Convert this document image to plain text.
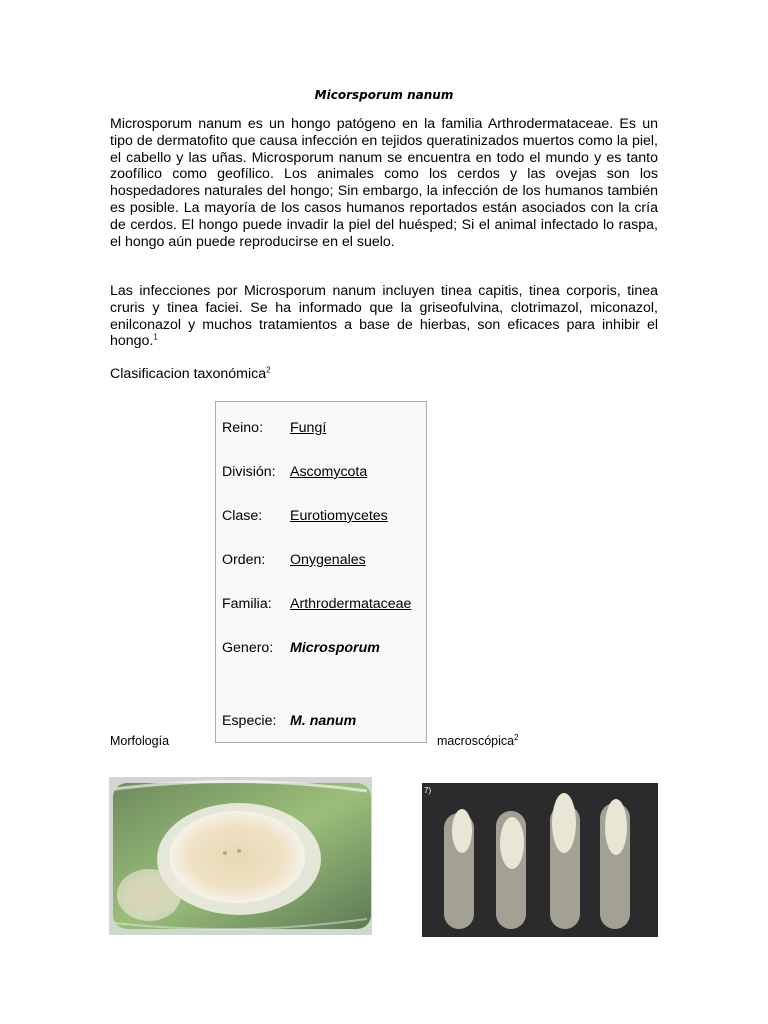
Micorsporum nanum

Microsporum nanum es un hongo patógeno en la familia Arthrodermataceae. Es un tipo de dermatofito que causa infección en tejidos queratinizados muertos como la piel, el cabello y las uñas. Microsporum nanum se encuentra en todo el mundo y es tanto zoofílico como geofílico. Los animales como los cerdos y las ovejas son los hospedadores naturales del hongo; Sin embargo, la infección de los humanos también es posible. La mayoría de los casos humanos reportados están asociados con la cría de cerdos. El hongo puede invadir la piel del huésped; Si el animal infectado lo raspa, el hongo aún puede reproducirse en el suelo.

Las infecciones por Microsporum nanum incluyen tinea capitis, tinea corporis, tinea cruris y tinea faciei. Se ha informado que la griseofulvina, clotrimazol, miconazol, enilconazol y muchos tratamientos a base de hierbas, son eficaces para inhibir el hongo.$^1$

Clasificacion taxonómica$^2$
Reino: Fungí
División: Ascomycota
Clase: Eurotiomycetes
Orden: Onygenales
Familia: Arthrodermataceae
Genero: Microsporum
Especie: M. nanum
Morfología	macroscópica$^2$
7)
